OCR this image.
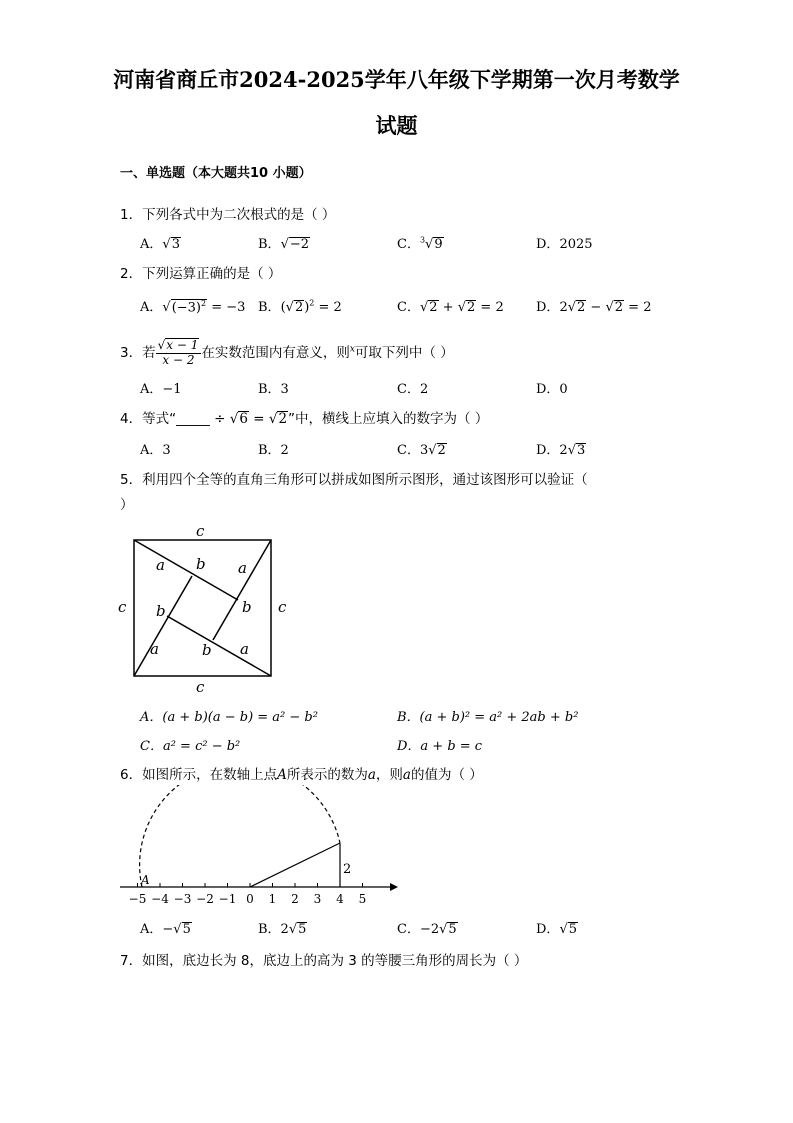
河南省商丘市2024-2025学年八年级下学期第一次月考数学
试题
一、单选题（本大题共10 小题）
1．下列各式中为二次根式的是（ ）
A．√3	B．√−2	C．$^3$√9	D．2025
2．下列运算正确的是（ ）
A．$√(-3)^2 = -3$ B．$(√2)^2 = 2$	C．√2 + √2 = 2 D．2√2 − √2 = 2
3．若 $\frac{√x - 1}{x - 2}$ 在实数范围内有意义，则$^x$可取下列中（ ）
A．−1	B．3	C．2	D．0
4．等式“_____ ÷ √6 = √2”中，横线上应填入的数字为（ ）
A．3	B．2	C．3√2	D．2√3
5．利用四个全等的直角三角形可以拼成如图所示图形，通过该图形可以验证（
）
c
c
c	c
a b a
b
b
a	b a
A．(a + b)(a − b) = a² − b²	B．(a + b)² = a² + 2ab + b²
C．a² = c² − b²	D．a + b = c
6．如图所示，在数轴上点A所表示的数为a，则a的值为（ ）
−5 −4 −3 −2 −1 0 1 2 3 4 5
2
A
A．−√5	B．2√5	C．−2√5	D．√5
7．如图，底边长为 8，底边上的高为 3 的等腰三角形的周长为（ ）
